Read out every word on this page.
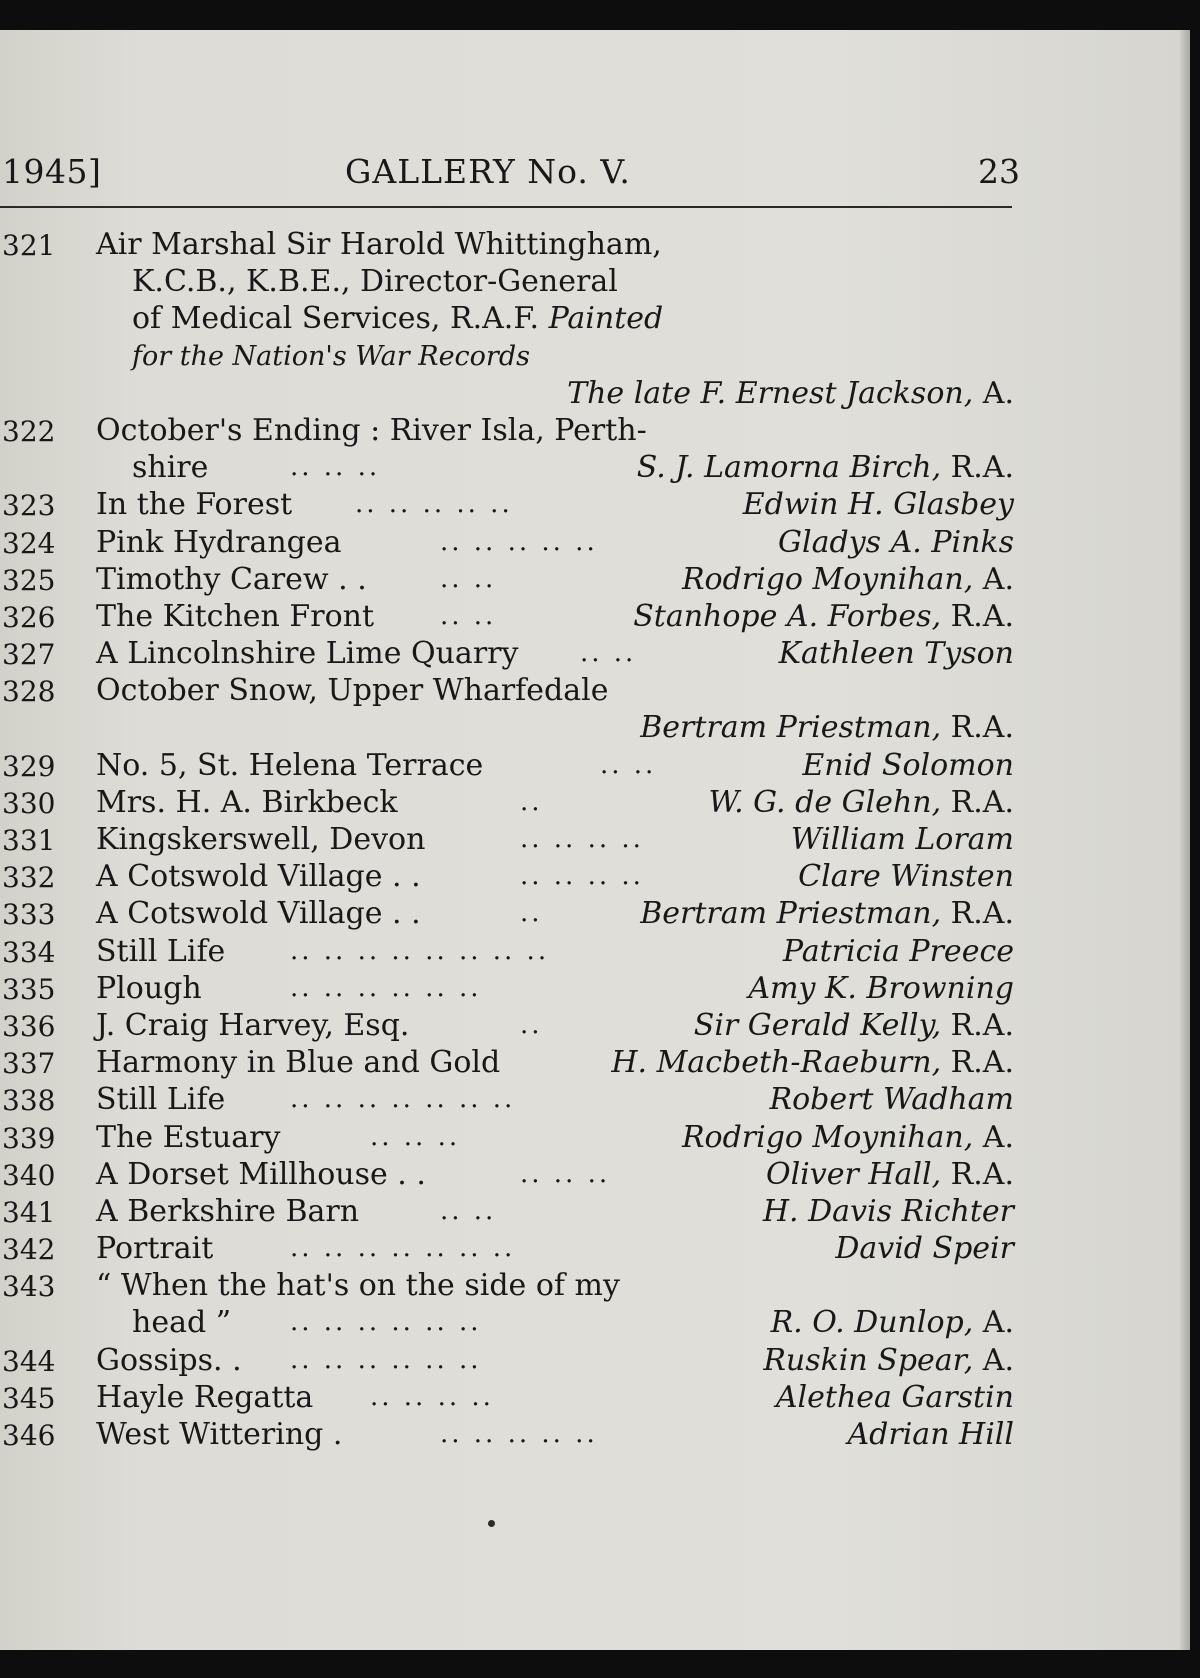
1945]	GALLERY No. V.	23
321 Air Marshal Sir Harold Whittingham,
K.C.B., K.B.E., Director-General
of Medical Services, R.A.F. Painted
for the Nation's War Records
The late F. Ernest Jackson, A.
322 October's Ending : River Isla, Perth-
shire	.. .. ..	S. J. Lamorna Birch, R.A.
323 In the Forest .. .. .. .. ..	Edwin H. Glasbey
324 Pink Hydrangea	.. .. .. .. ..	Gladys A. Pinks
325 Timothy Carew . .	.. ..	Rodrigo Moynihan, A.
326 The Kitchen Front	.. ..	Stanhope A. Forbes, R.A.
327 A Lincolnshire Lime Quarry .. ..	Kathleen Tyson
328 October Snow, Upper Wharfedale
Bertram Priestman, R.A.
329 No. 5, St. Helena Terrace	.. ..	Enid Solomon
330 Mrs. H. A. Birkbeck	..	W. G. de Glehn, R.A.
331 Kingskerswell, Devon	.. .. .. ..	William Loram
332 A Cotswold Village . .	.. .. .. ..	Clare Winsten
333 A Cotswold Village . .	..	Bertram Priestman, R.A.
334 Still Life .. .. .. .. .. .. .. ..	Patricia Preece
335 Plough	.. .. .. .. .. ..	Amy K. Browning
336 J. Craig Harvey, Esq.	..	Sir Gerald Kelly, R.A.
337 Harmony in Blue and Gold	H. Macbeth-Raeburn, R.A.
338 Still Life .. .. .. .. .. .. ..	Robert Wadham
339 The Estuary	.. .. ..	Rodrigo Moynihan, A.
340 A Dorset Millhouse . .	.. .. ..	Oliver Hall, R.A.
341 A Berkshire Barn	.. ..	H. Davis Richter
342 Portrait	.. .. .. .. .. .. ..	David Speir
343 “ When the hat's on the side of my
head ” .. .. .. .. .. ..	R. O. Dunlop, A.
344 Gossips. . .. .. .. .. .. ..	Ruskin Spear, A.
345 Hayle Regatta .. .. .. ..	Alethea Garstin
346 West Wittering .	.. .. .. .. ..	Adrian Hill
